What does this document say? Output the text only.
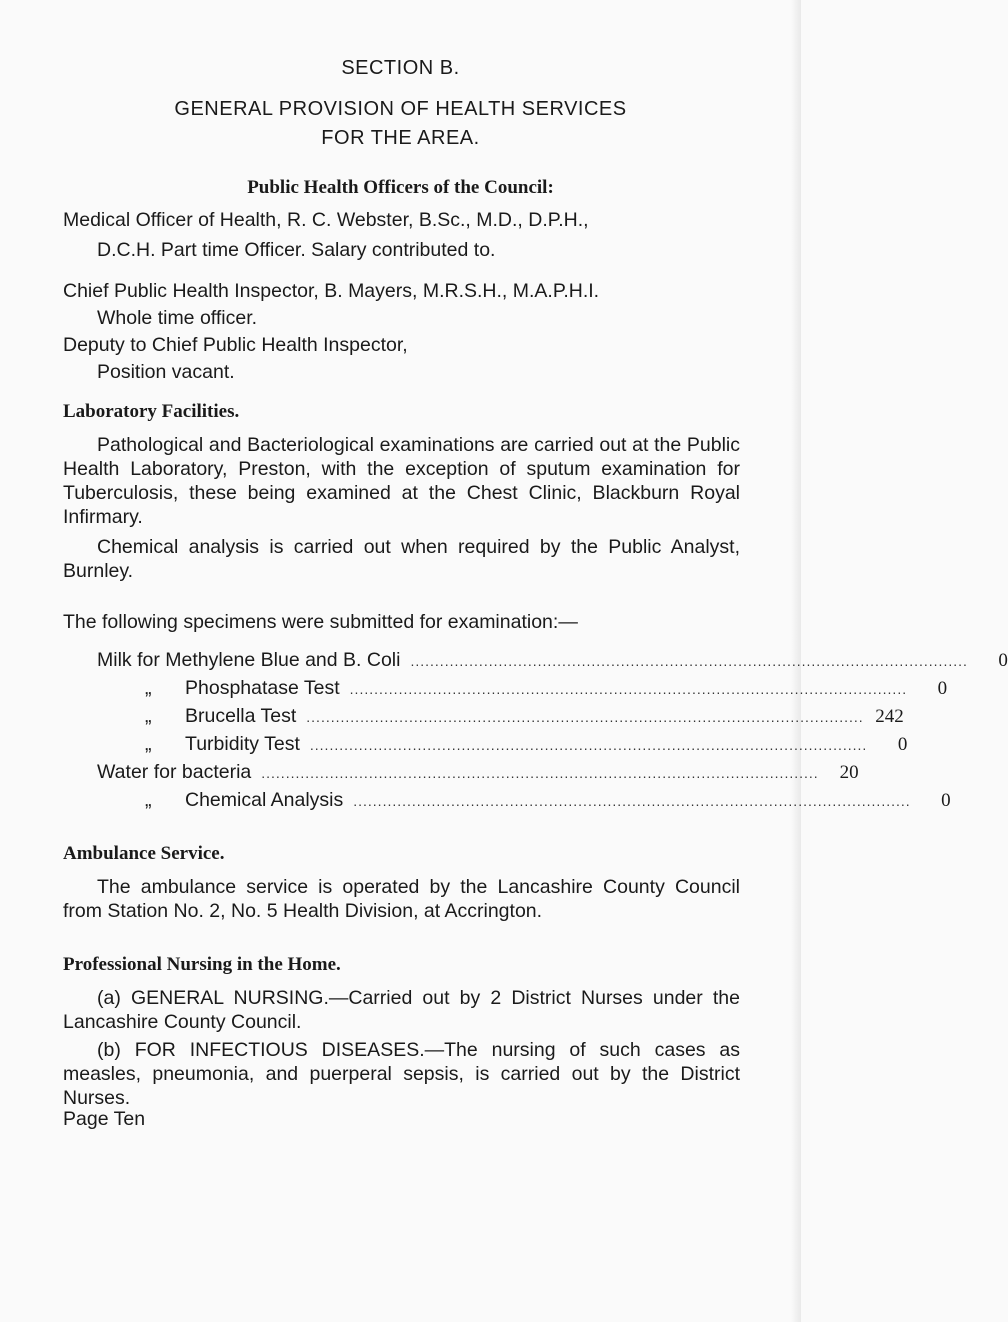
SECTION B.
GENERAL PROVISION OF HEALTH SERVICES
FOR THE AREA.
Public Health Officers of the Council:
Medical Officer of Health, R. C. Webster, B.Sc., M.D., D.P.H.,
D.C.H. Part time Officer. Salary contributed to.
Chief Public Health Inspector, B. Mayers, M.R.S.H., M.A.P.H.I.
Whole time officer.
Deputy to Chief Public Health Inspector,
Position vacant.
Laboratory Facilities.
Pathological and Bacteriological examinations are carried out at the Public Health Laboratory, Preston, with the exception of sputum examination for Tuberculosis, these being examined at the Chest Clinic, Blackburn Royal Infirmary.
Chemical analysis is carried out when required by the Public Analyst, Burnley.
The following specimens were submitted for examination:—
Milk for Methylene Blue and B. Coli ..................................................................................................................	0
„ Phosphatase Test ..................................................................................................................	0
„ Brucella Test .................................................................................................................. 242
„ Turbidity Test ..................................................................................................................	0
Water for bacteria ..................................................................................................................	20
„ Chemical Analysis ..................................................................................................................	0
Ambulance Service.
The ambulance service is operated by the Lancashire County Council from Station No. 2, No. 5 Health Division, at Accrington.
Professional Nursing in the Home.
(a) GENERAL NURSING.—Carried out by 2 District Nurses under the Lancashire County Council.
(b) FOR INFECTIOUS DISEASES.—The nursing of such cases as measles, pneumonia, and puerperal sepsis, is carried out by the District Nurses.
Page Ten
